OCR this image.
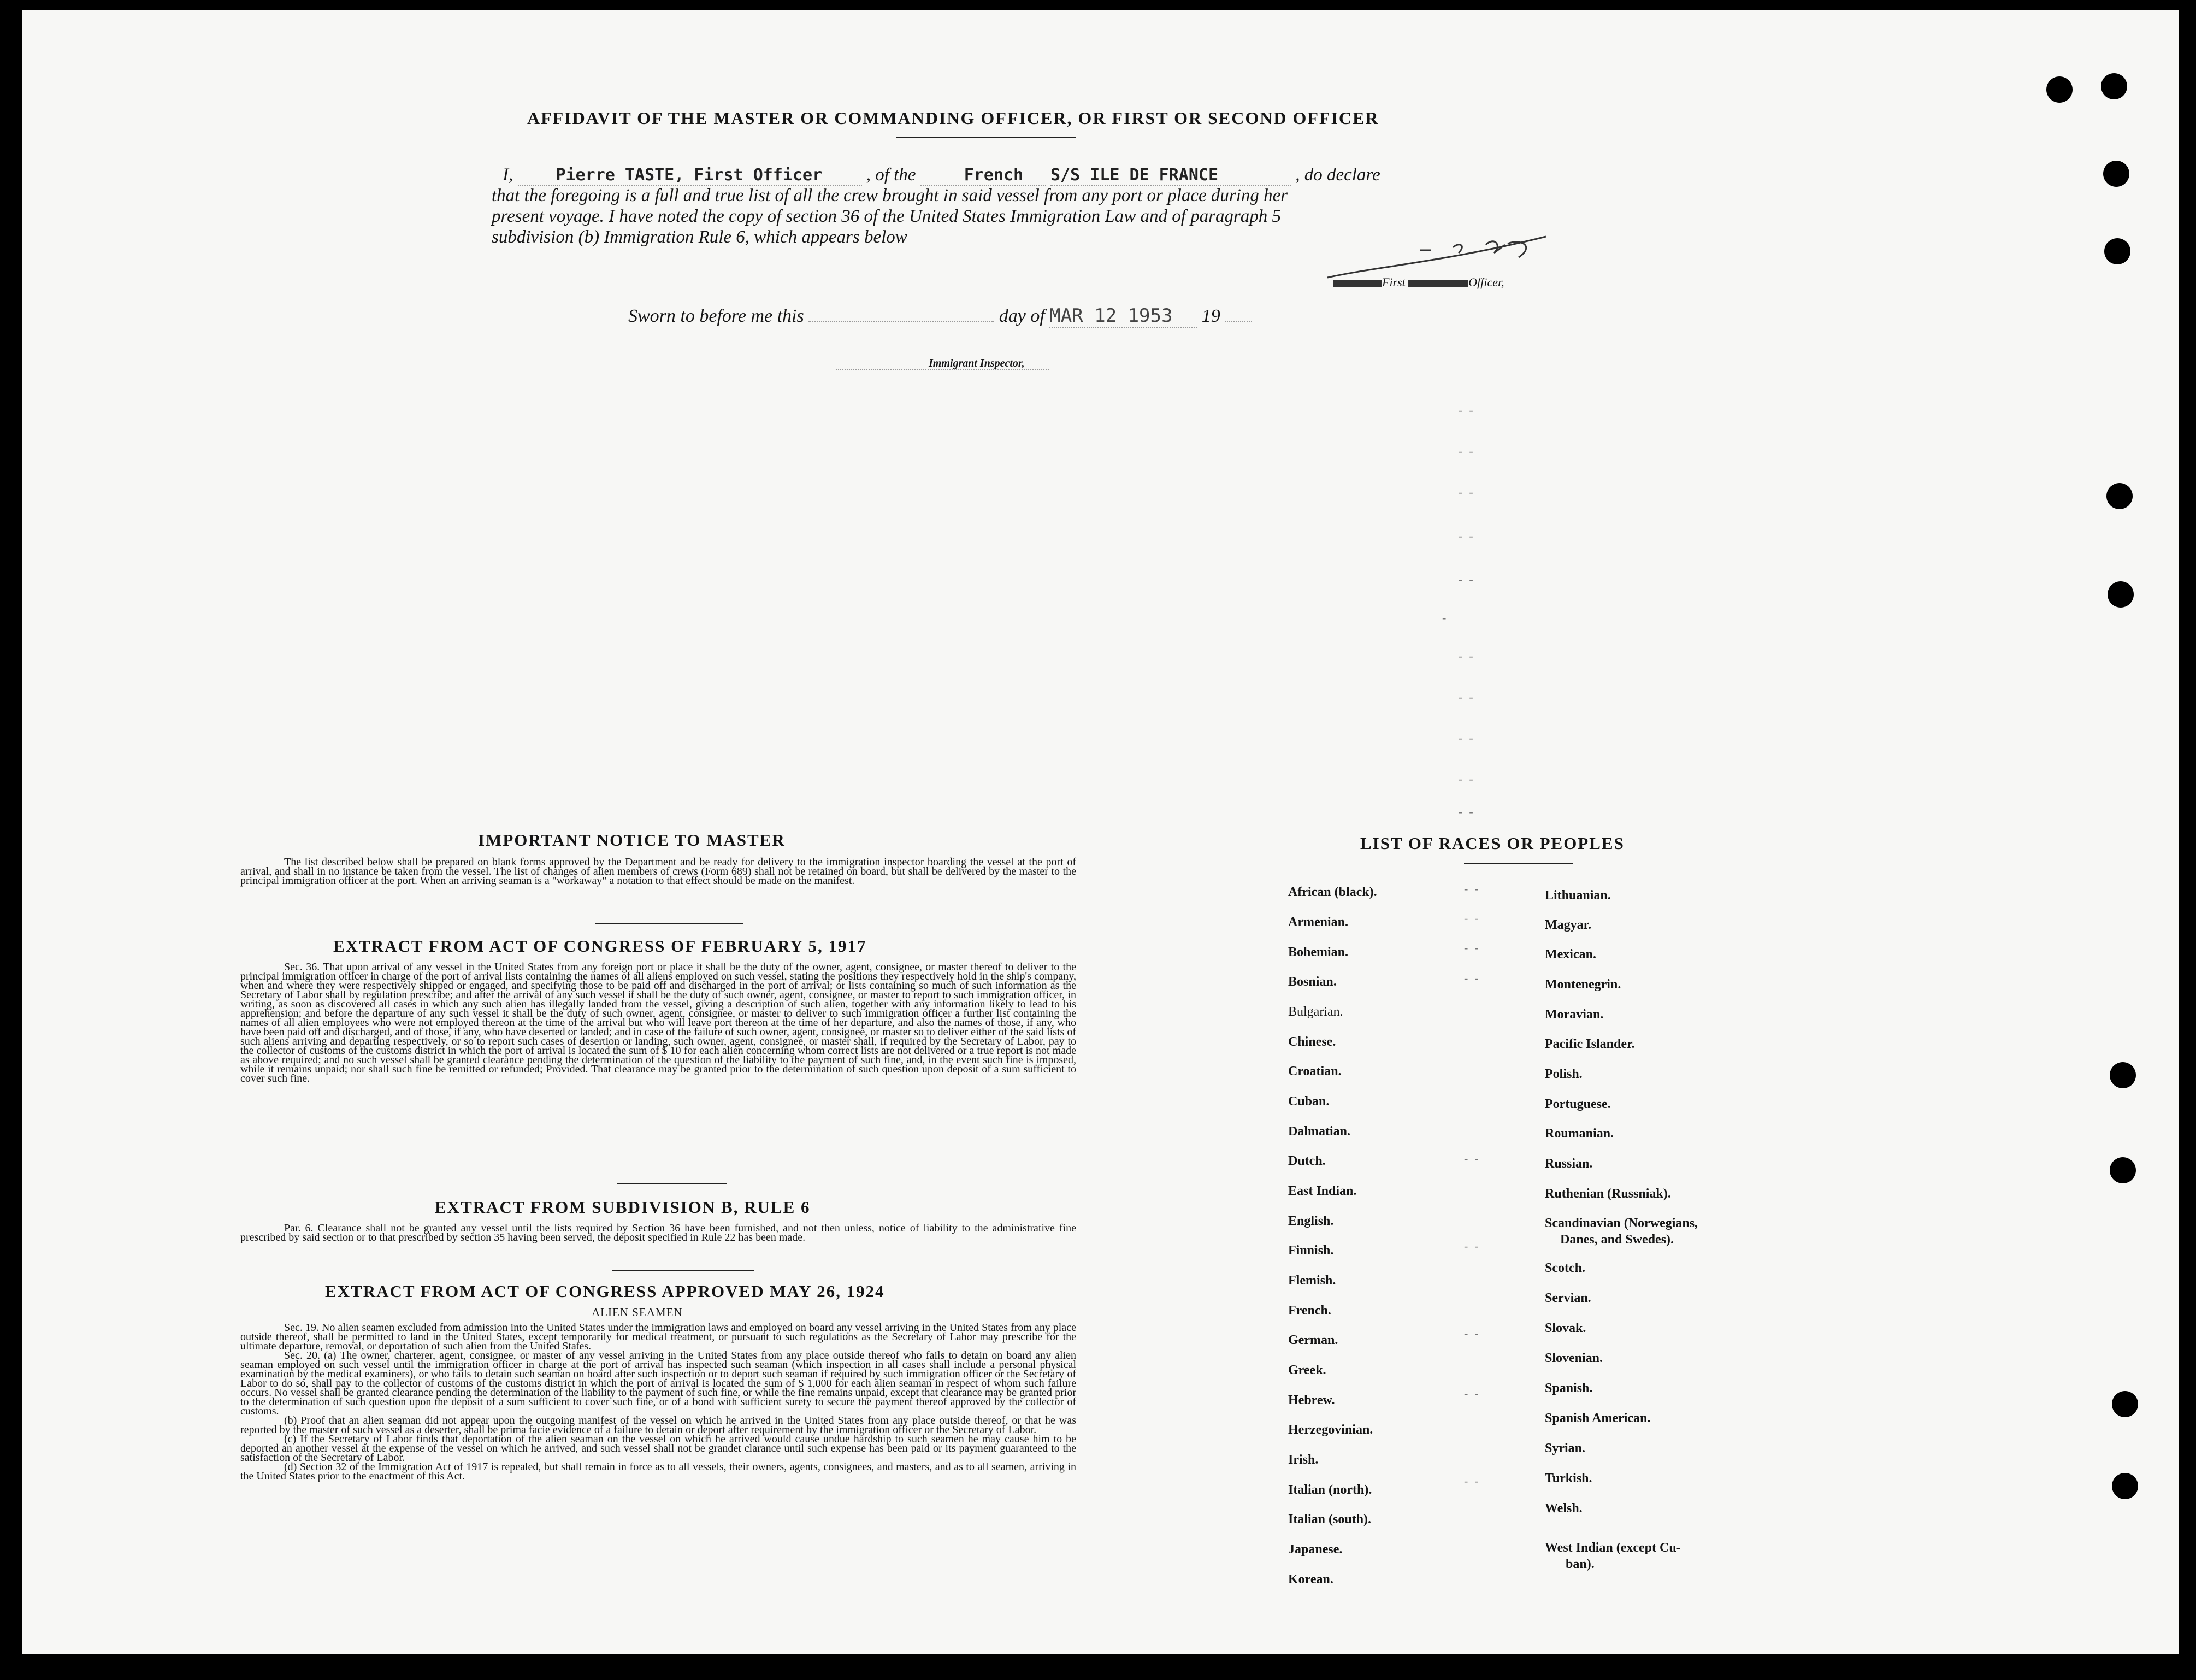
AFFIDAVIT OF THE MASTER OR COMMANDING OFFICER, OR FIRST OR SECOND OFFICER
I,	Pierre TASTE, First Officer , of the	French S/S ILE DE FRANCE	, do declare
that the foregoing is a full and true list of all the crew brought in said vessel from any port or place during her
present voyage. I have noted the copy of section 36 of the United States Immigration Law and of paragraph 5
subdivision (b) Immigration Rule 6, which appears below
First	Officer,
Sworn to before me this	day of MAR 12 1953 19
Immigrant Inspector,
--
--
--
--
--
-
--
--
--
--
--
IMPORTANT NOTICE TO MASTER

The list described below shall be prepared on blank forms approved by the Department and be ready for delivery to the immigration inspector boarding the vessel at the port of arrival, and shall in no instance be taken from the vessel. The list of changes of alien members of crews (Form 689) shall not be retained on board, but shall be delivered by the master to the principal immigration officer at the port. When an arriving seaman is a "workaway" a notation to that effect should be made on the manifest.

EXTRACT FROM ACT OF CONGRESS OF FEBRUARY 5, 1917

Sec. 36. That upon arrival of any vessel in the United States from any foreign port or place it shall be the duty of the owner, agent, consignee, or master thereof to deliver to the principal immigration officer in charge of the port of arrival lists containing the names of all aliens employed on such vessel, stating the positions they respectively hold in the ship's company, when and where they were respectively shipped or engaged, and specifying those to be paid off and discharged in the port of arrival; or lists containing so much of such information as the Secretary of Labor shall by regulation prescribe; and after the arrival of any such vessel it shall be the duty of such owner, agent, consignee, or master to report to such immigration officer, in writing, as soon as discovered all cases in which any such alien has illegally landed from the vessel, giving a description of such alien, together with any information likely to lead to his apprehension; and before the departure of any such vessel it shall be the duty of such owner, agent, consignee, or master to deliver to such immigration officer a further list containing the names of all alien employees who were not employed thereon at the time of the arrival but who will leave port thereon at the time of her departure, and also the names of those, if any, who have been paid off and discharged, and of those, if any, who have deserted or landed; and in case of the failure of such owner, agent, consignee, or master so to deliver either of the said lists of such aliens arriving and departing respectively, or so to report such cases of desertion or landing, such owner, agent, consignee, or master shall, if required by the Secretary of Labor, pay to the collector of customs of the customs district in which the port of arrival is located the sum of $ 10 for each alien concerning whom correct lists are not delivered or a true report is not made as above required; and no such vessel shall be granted clearance pending the determination of the question of the liability to the payment of such fine, and, in the event such fine is imposed, while it remains unpaid; nor shall such fine be remitted or refunded; Provided. That clearance may be granted prior to the determination of such question upon deposit of a sum sufficient to cover such fine.

EXTRACT FROM SUBDIVISION B, RULE 6

Par. 6. Clearance shall not be granted any vessel until the lists required by Section 36 have been furnished, and not then unless, notice of liability to the administrative fine prescribed by said section or to that prescribed by section 35 having been served, the deposit specified in Rule 22 has been made.

EXTRACT FROM ACT OF CONGRESS APPROVED MAY 26, 1924
ALIEN SEAMEN

Sec. 19. No alien seamen excluded from admission into the United States under the immigration laws and employed on board any vessel arriving in the United States from any place outside thereof, shall be permitted to land in the United States, except temporarily for medical treatment, or pursuant to such regulations as the Secretary of Labor may prescribe for the ultimate departure, removal, or deportation of such alien from the United States.

Sec. 20. (a) The owner, charterer, agent, consignee, or master of any vessel arriving in the United States from any place outside thereof who fails to detain on board any alien seaman employed on such vessel until the immigration officer in charge at the port of arrival has inspected such seaman (which inspection in all cases shall include a personal physical examination by the medical examiners), or who fails to detain such seaman on board after such inspection or to deport such seaman if required by such immigration officer or the Secretary of Labor to do so, shall pay to the collector of customs of the customs district in which the port of arrival is located the sum of $ 1,000 for each alien seaman in respect of whom such failure occurs. No vessel shall be granted clearance pending the determination of the liability to the payment of such fine, or while the fine remains unpaid, except that clearance may be granted prior to the determination of such question upon the deposit of a sum sufficient to cover such fine, or of a bond with sufficient surety to secure the payment thereof approved by the collector of customs.

(b) Proof that an alien seaman did not appear upon the outgoing manifest of the vessel on which he arrived in the United States from any place outside thereof, or that he was reported by the master of such vessel as a deserter, shall be prima facie evidence of a failure to detain or deport after requirement by the immigration officer or the Secretary of Labor.

(c) If the Secretary of Labor finds that deportation of the alien seaman on the vessel on which he arrived would cause undue hardship to such seamen he may cause him to be deported an another vessel at the expense of the vessel on which he arrived, and such vessel shall not be grandet clarance until such expense has been paid or its payment guaranteed to the satisfaction of the Secretary of Labor.

(d) Section 32 of the Immigration Act of 1917 is repealed, but shall remain in force as to all vessels, their owners, agents, consignees, and masters, and as to all seamen, arriving in the United States prior to the enactment of this Act.

LIST OF RACES OR PEOPLES
African (black).
Armenian.
Bohemian.
Bosnian.
Bulgarian.
Chinese.
Croatian.
Cuban.
Dalmatian.
Dutch.
East Indian.
English.
Finnish.
Flemish.
French.
German.
Greek.
Hebrew.
Herzegovinian.
Irish.
Italian (north).
Italian (south).
Japanese.
Korean.
Lithuanian.
Magyar.
Mexican.
Montenegrin.
Moravian.
Pacific Islander.
Polish.
Portuguese.
Roumanian.
Russian.
Ruthenian (Russniak).
Scandinavian (Norwegians,
Danes, and Swedes).
Scotch.
Servian.
Slovak.
Slovenian.
Spanish.
Spanish American.
Syrian.
Turkish.
Welsh.
West Indian (except Cu-
ban).
--
--
--
--
--
--
--
--
--
